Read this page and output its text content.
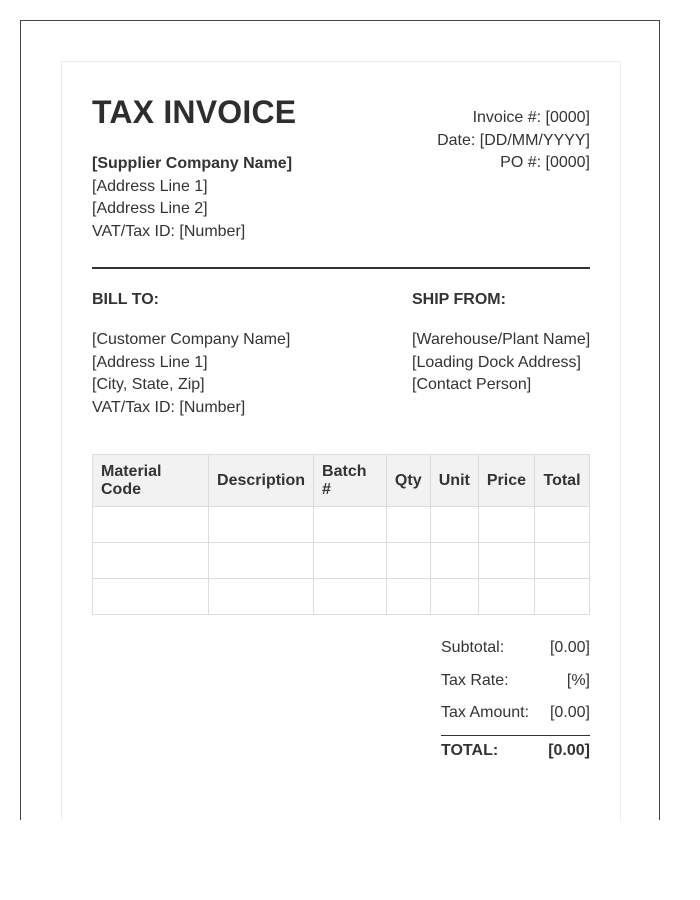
TAX INVOICE
[Supplier Company Name]
[Address Line 1]
[Address Line 2]
VAT/Tax ID: [Number]
Invoice #: [0000]
Date: [DD/MM/YYYY]
PO #: [0000]
BILL TO:	SHIP FROM:
[Customer Company Name]
[Address Line 1]
[City, State, Zip]
VAT/Tax ID: [Number]
[Warehouse/Plant Name]
[Loading Dock Address]
[Contact Person]
Material Code	Description	Batch #	Qty	Unit	Price	Total

Subtotal:	[0.00]
Tax Rate:	[%]
Tax Amount: [0.00]
TOTAL:	[0.00]
